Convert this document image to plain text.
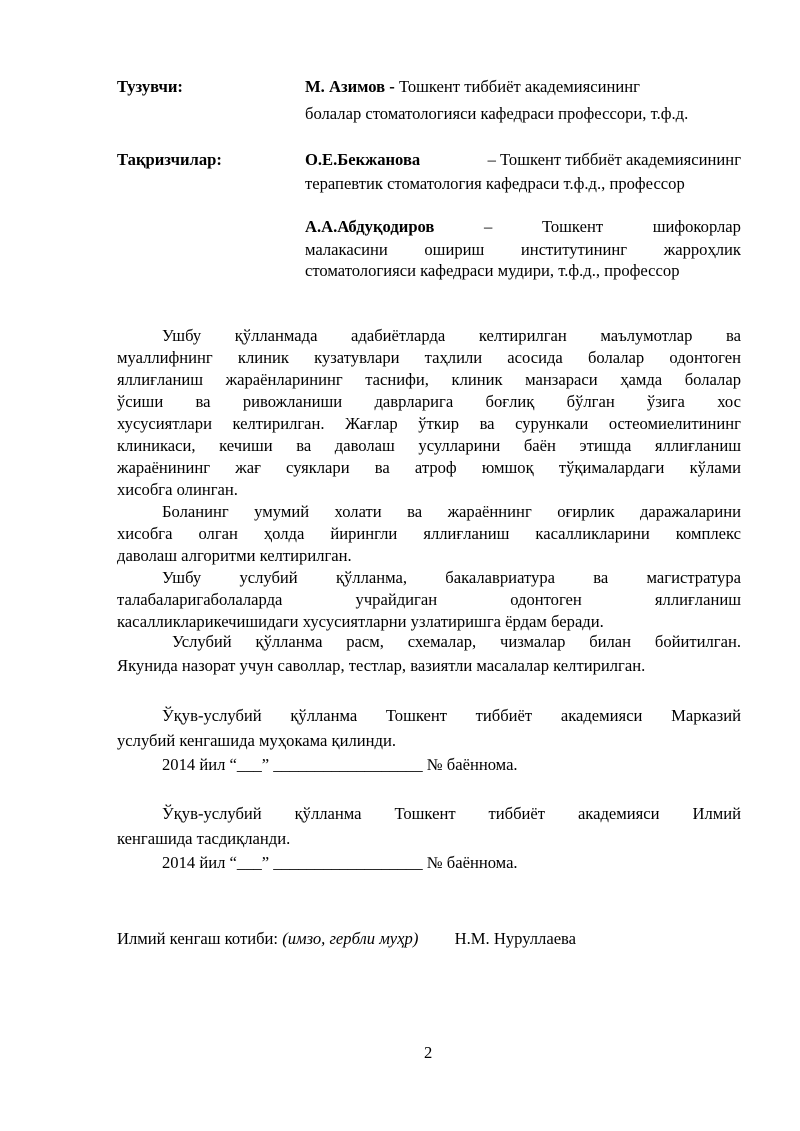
Тузувчи:	М. Азимов - Тошкент тиббиёт академиясининг
болалар стоматологияси кафедраси профессори, т.ф.д.
Тақризчилар:	О.Е.Бекжанова	– Тошкент тиббиёт академиясининг
терапевтик стоматология кафедраси т.ф.д., профессор
А.А.Абдуқодиров	–	Тошкент	шифокорлар
малакасини ошириш институтининг жарроҳлик
стоматологияси кафедраси мудири, т.ф.д., профессор
Ушбу қўлланмада адабиётларда келтирилган маълумотлар ва
муаллифнинг клиник кузатувлари таҳлили асосида болалар одонтоген
яллиғланиш жараёнларининг таснифи, клиник манзараси ҳамда болалар
ўсиши ва ривожланиши даврларига боғлиқ бўлган ўзига хос
хусусиятлари келтирилган. Жағлар ўткир ва сурункали остеомиелитининг
клиникаси, кечиши ва даволаш усулларини баён этишда яллиғланиш
жараёнининг жағ суяклари ва атроф юмшоқ тўқималардаги кўлами
хисобга олинган.
Боланинг умумий холати ва жараённинг оғирлик даражаларини
хисобга олган ҳолда йирингли яллиғланиш касалликларини комплекс
даволаш алгоритми келтирилган.
Ушбу услубий қўлланма, бакалавриатура ва магистратура
талабаларигаболаларда учрайдиган одонтоген яллиғланиш
касалликларикечишидаги хусусиятларни узлатиришга ёрдам беради.
Услубий қўлланма расм, схемалар, чизмалар билан бойитилган.
Якунида назорат учун саволлар, тестлар, вазиятли масалалар келтирилган.
Ўқув-услубий қўлланма Тошкент тиббиёт академияси Марказий
услубий кенгашида муҳокама қилинди.
2014 йил “___” __________________ № баённома.
Ўқув-услубий қўлланма Тошкент тиббиёт академияси Илмий
кенгашида тасдиқланди.
2014 йил “___” __________________ № баённома.
Илмий кенгаш котиби: (имзо, гербли муҳр) Н.М. Нуруллаева
2
